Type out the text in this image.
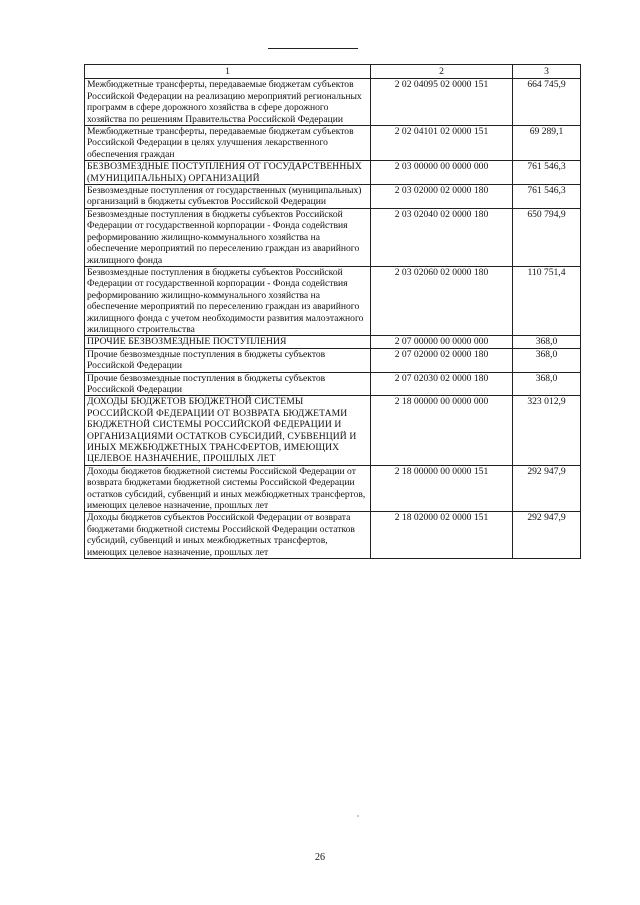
1	2	3
Межбюджетные трансферты, передаваемые бюджетам субъектов Российской Федерации на реализацию мероприятий региональных программ в сфере дорожного хозяйства в сфере дорожного хозяйства по решениям Правительства Российской Федерации	2 02 04095 02 0000 151	664 745,9
Межбюджетные трансферты, передаваемые бюджетам субъектов Российской Федерации в целях улучшения лекарственного обеспечения граждан	2 02 04101 02 0000 151	69 289,1
БЕЗВОЗМЕЗДНЫЕ ПОСТУПЛЕНИЯ ОТ ГОСУДАРСТВЕННЫХ (МУНИЦИПАЛЬНЫХ) ОРГАНИЗАЦИЙ	2 03 00000 00 0000 000	761 546,3
Безвозмездные поступления от государственных (муниципальных) организаций в бюджеты субъектов Российской Федерации	2 03 02000 02 0000 180	761 546,3
Безвозмездные поступления в бюджеты субъектов Российской Федерации от государственной корпорации - Фонда содействия реформированию жилищно-коммунального хозяйства на обеспечение мероприятий по переселению граждан из аварийного жилищного фонда	2 03 02040 02 0000 180	650 794,9
Безвозмездные поступления в бюджеты субъектов Российской Федерации от государственной корпорации - Фонда содействия реформированию жилищно-коммунального хозяйства на обеспечение мероприятий по переселению граждан из аварийного жилищного фонда с учетом необходимости развития малоэтажного жилищного строительства	2 03 02060 02 0000 180	110 751,4
ПРОЧИЕ БЕЗВОЗМЕЗДНЫЕ ПОСТУПЛЕНИЯ	2 07 00000 00 0000 000	368,0
Прочие безвозмездные поступления в бюджеты субъектов Российской Федерации	2 07 02000 02 0000 180	368,0
Прочие безвозмездные поступления в бюджеты субъектов Российской Федерации	2 07 02030 02 0000 180	368,0
ДОХОДЫ БЮДЖЕТОВ БЮДЖЕТНОЙ СИСТЕМЫ РОССИЙСКОЙ ФЕДЕРАЦИИ ОТ ВОЗВРАТА БЮДЖЕТАМИ БЮДЖЕТНОЙ СИСТЕМЫ РОССИЙСКОЙ ФЕДЕРАЦИИ И ОРГАНИЗАЦИЯМИ ОСТАТКОВ СУБСИДИЙ, СУБВЕНЦИЙ И ИНЫХ МЕЖБЮДЖЕТНЫХ ТРАНСФЕРТОВ, ИМЕЮЩИХ ЦЕЛЕВОЕ НАЗНАЧЕНИЕ, ПРОШЛЫХ ЛЕТ	2 18 00000 00 0000 000	323 012,9
Доходы бюджетов бюджетной системы Российской Федерации от возврата бюджетами бюджетной системы Российской Федерации остатков субсидий, субвенций и иных межбюджетных трансфертов, имеющих целевое назначение, прошлых лет	2 18 00000 00 0000 151	292 947,9
Доходы бюджетов субъектов Российской Федерации от возврата бюджетами бюджетной системы Российской Федерации остатков субсидий, субвенций и иных межбюджетных трансфертов, имеющих целевое назначение, прошлых лет	2 18 02000 02 0000 151	292 947,9
26
